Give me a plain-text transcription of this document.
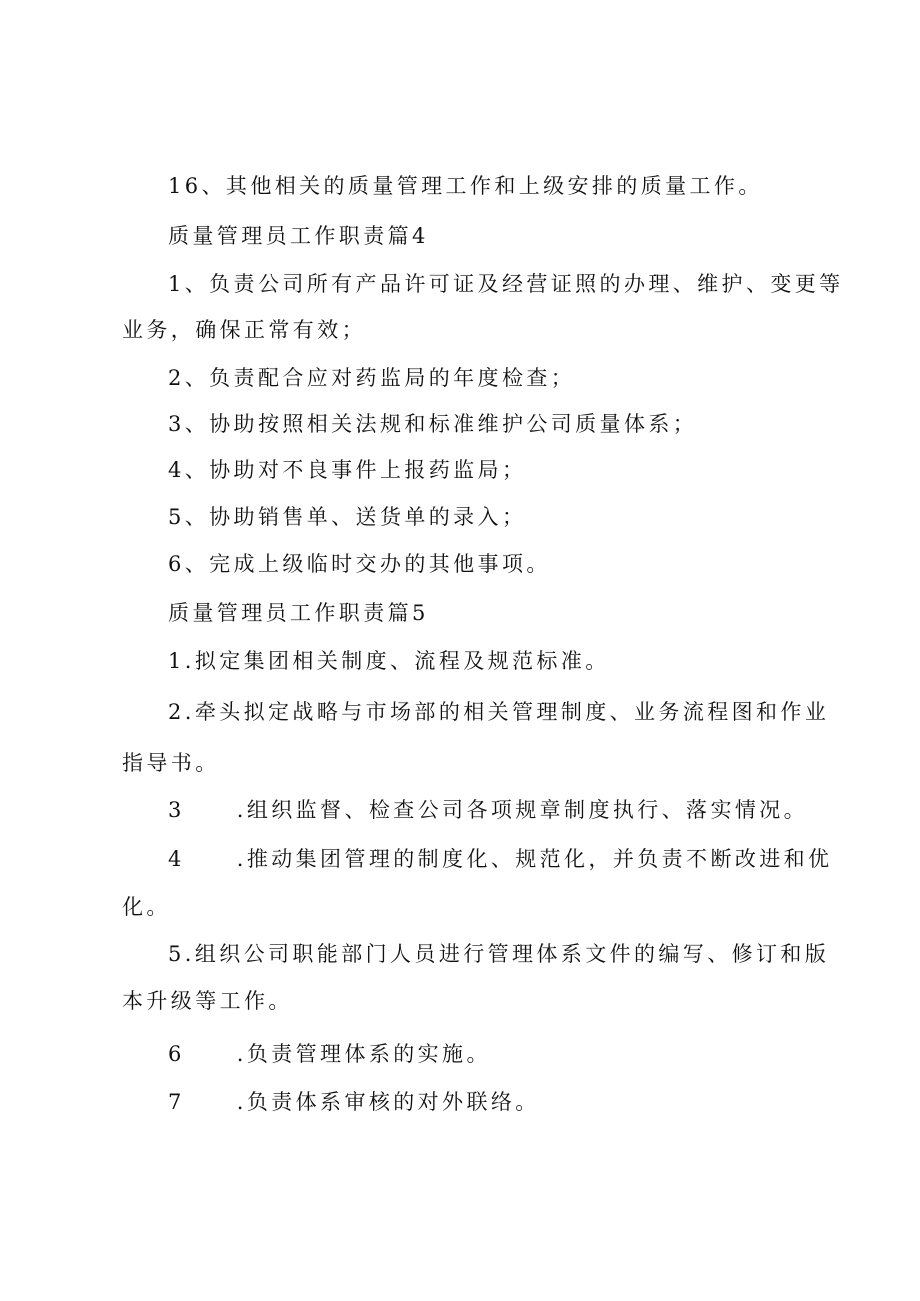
16、其他相关的质量管理工作和上级安排的质量工作。
质量管理员工作职责篇4
1、负责公司所有产品许可证及经营证照的办理、维护、变更等
业务，确保正常有效；
2、负责配合应对药监局的年度检查；
3、协助按照相关法规和标准维护公司质量体系；
4、协助对不良事件上报药监局；
5、协助销售单、送货单的录入；
6、完成上级临时交办的其他事项。
质量管理员工作职责篇5
1.拟定集团相关制度、流程及规范标准。
2.牵头拟定战略与市场部的相关管理制度、业务流程图和作业
指导书。
3 .组织监督、检查公司各项规章制度执行、落实情况。
4 .推动集团管理的制度化、规范化，并负责不断改进和优
化。
5.组织公司职能部门人员进行管理体系文件的编写、修订和版
本升级等工作。
6 .负责管理体系的实施。
7 .负责体系审核的对外联络。
